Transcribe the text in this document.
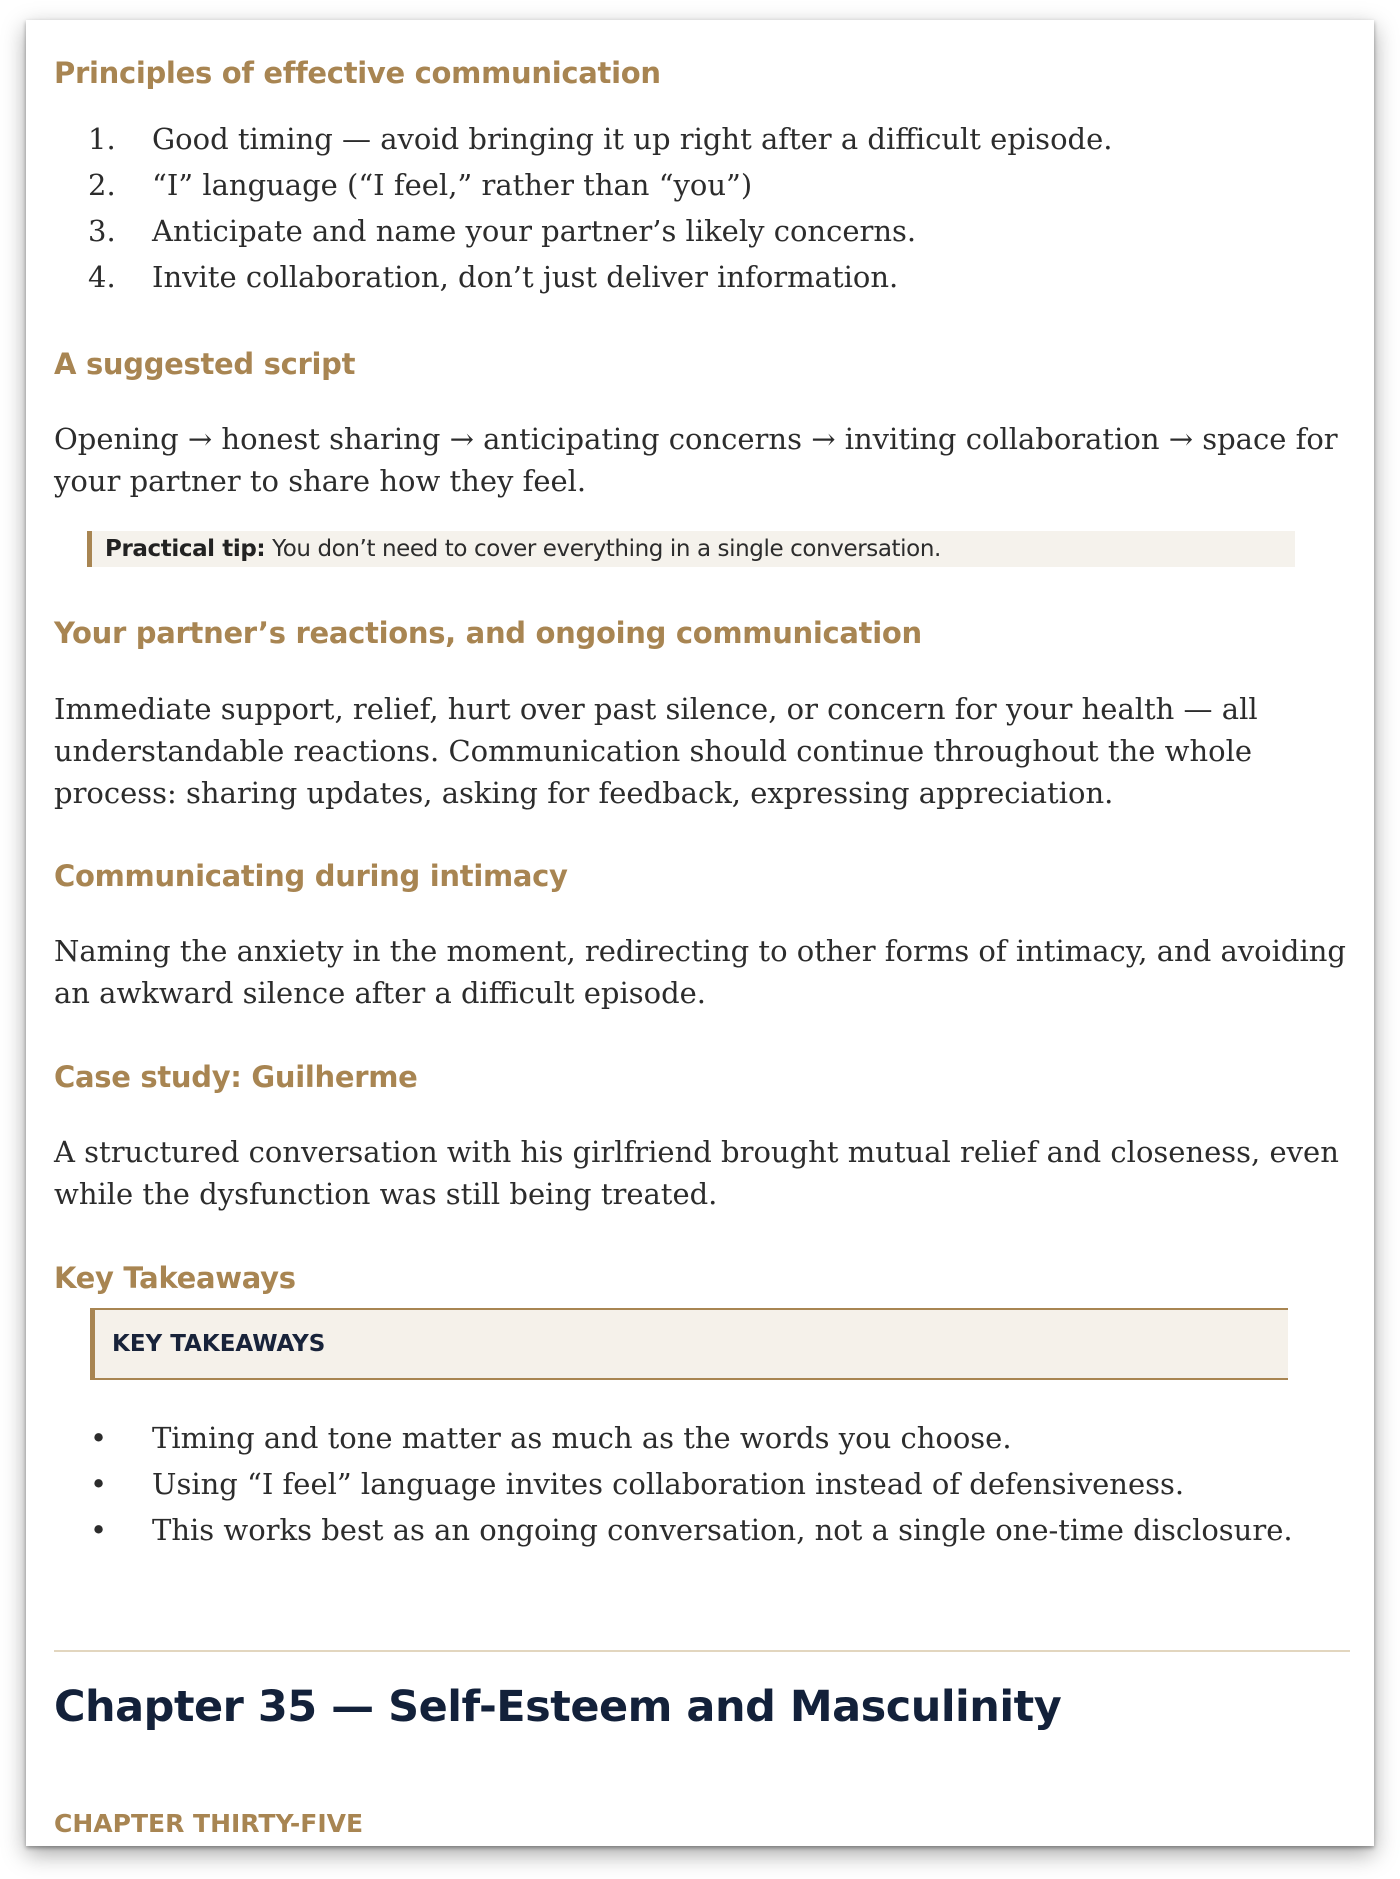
Principles of effective communication
1. Good timing — avoid bringing it up right after a difficult episode.
2. “I” language (“I feel,” rather than “you”)
3. Anticipate and name your partner’s likely concerns.
4. Invite collaboration, don’t just deliver information.
A suggested script

Opening → honest sharing → anticipating concerns → inviting collaboration → space for your partner to share how they feel.

Practical tip: You don’t need to cover everything in a single conversation.
Your partner’s reactions, and ongoing communication

Immediate support, relief, hurt over past silence, or concern for your health — all understandable reactions. Communication should continue throughout the whole process: sharing updates, asking for feedback, expressing appreciation.

Communicating during intimacy

Naming the anxiety in the moment, redirecting to other forms of intimacy, and avoiding an awkward silence after a difficult episode.

Case study: Guilherme

A structured conversation with his girlfriend brought mutual relief and closeness, even while the dysfunction was still being treated.

Key Takeaways
KEY TAKEAWAYS
• Timing and tone matter as much as the words you choose.
• Using “I feel” language invites collaboration instead of defensiveness.
• This works best as an ongoing conversation, not a single one-time disclosure.
Chapter 35 — Self-Esteem and Masculinity
CHAPTER THIRTY-FIVE
